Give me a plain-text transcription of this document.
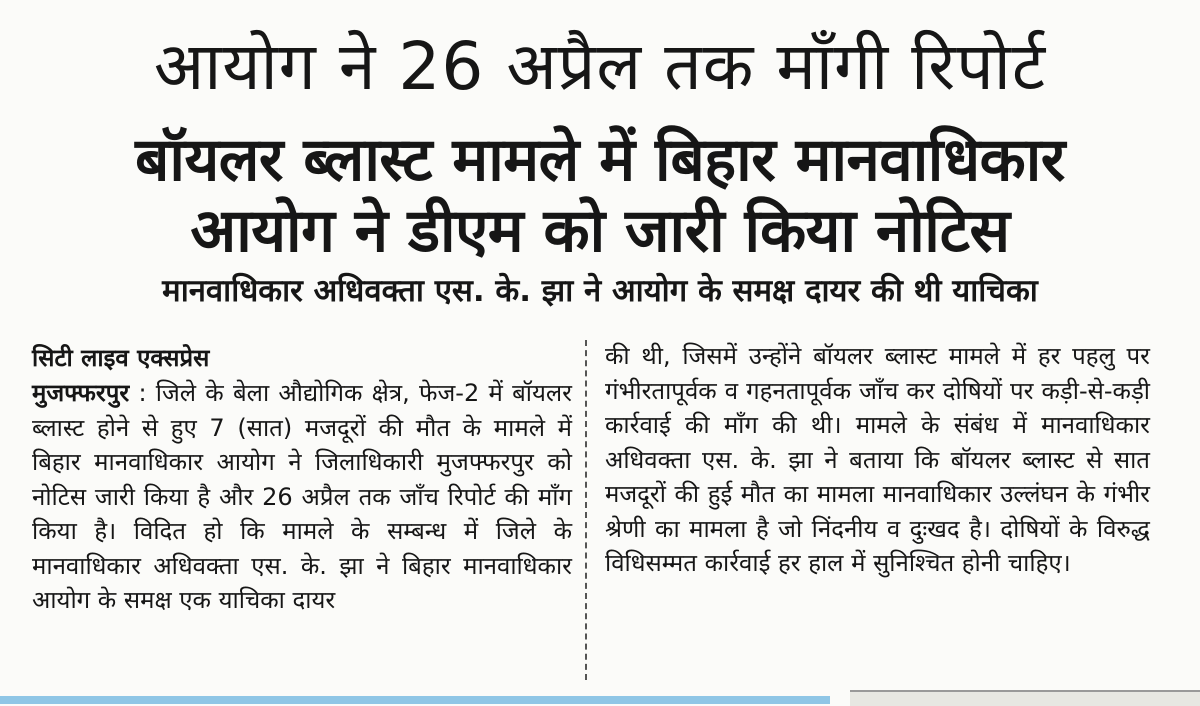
आयोग ने 26 अप्रैल तक माँगी रिपोर्ट
बॉयलर ब्लास्ट मामले में बिहार मानवाधिकार
आयोग ने डीएम को जारी किया नोटिस
मानवाधिकार अधिवक्ता एस. के. झा ने आयोग के समक्ष दायर की थी याचिका
सिटी लाइव एक्सप्रेस
मुजफ्फरपुर : जिले के बेला औद्योगिक क्षेत्र, फेज-2 में बॉयलर ब्लास्ट होने से हुए 7 (सात) मजदूरों की मौत के मामले में बिहार मानवाधिकार आयोग ने जिलाधिकारी मुजफ्फरपुर को नोटिस जारी किया है और 26 अप्रैल तक जाँच रिपोर्ट की माँग किया है। विदित हो कि मामले के सम्बन्ध में जिले के मानवाधिकार अधिवक्ता एस. के. झा ने बिहार मानवाधिकार आयोग के समक्ष एक याचिका दायर
की थी, जिसमें उन्होंने बॉयलर ब्लास्ट मामले में हर पहलु पर गंभीरतापूर्वक व गहनतापूर्वक जाँच कर दोषियों पर कड़ी-से-कड़ी कार्रवाई की माँग की थी। मामले के संबंध में मानवाधिकार अधिवक्ता एस. के. झा ने बताया कि बॉयलर ब्लास्ट से सात मजदूरों की हुई मौत का मामला मानवाधिकार उल्लंघन के गंभीर श्रेणी का मामला है जो निंदनीय व दुःखद है। दोषियों के विरुद्ध विधिसम्मत कार्रवाई हर हाल में सुनिश्चित होनी चाहिए।
